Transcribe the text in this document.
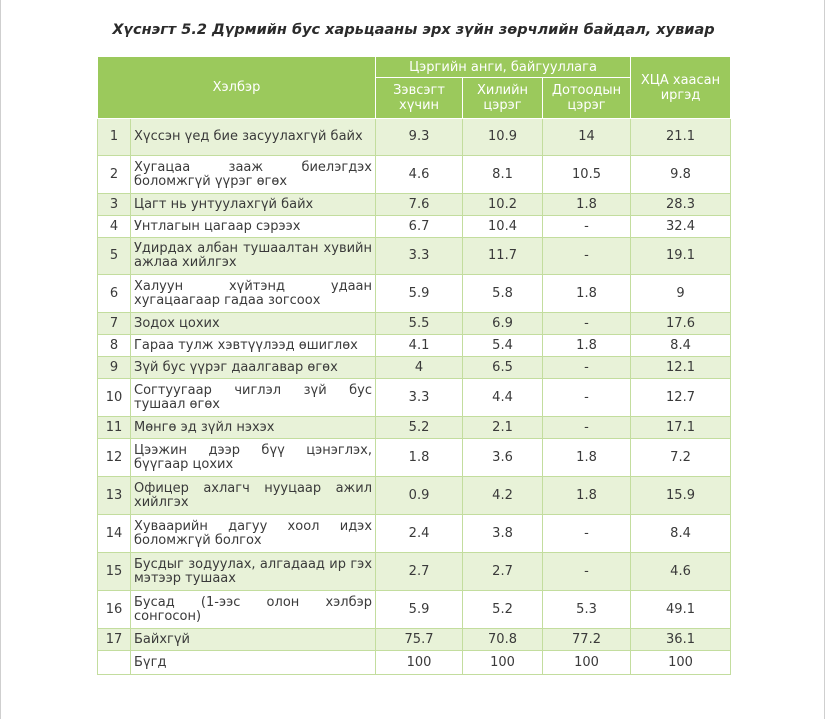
Хүснэгт 5.2 Дүрмийн бус харьцааны эрх зүйн зөрчлийн байдал, хувиар
Хэлбэр		Цэргийн анги, байгууллага			ХЦА хаасан иргэд
		Зэвсэгт хүчин	Хилийн цэрэг	Дотоодын цэрэг	
1	Хүссэн үед бие засуулахгүй байх	9.3	10.9	14	21.1
2	Хугацаа зааж биелэгдэх боломжгүй үүрэг өгөх	4.6	8.1	10.5	9.8
3	Цагт нь унтуулахгүй байх	7.6	10.2	1.8	28.3
4	Унтлагын цагаар сэрээх	6.7	10.4	-	32.4
5	Удирдах албан тушаалтан хувийн ажлаа хийлгэх	3.3	11.7	-	19.1
6	Халуун хүйтэнд удаан хугацаагаар гадаа зогсоох	5.9	5.8	1.8	9
7	Зодох цохих	5.5	6.9	-	17.6
8	Гараа тулж хэвтүүлээд өшиглөх	4.1	5.4	1.8	8.4
9	Зүй бус үүрэг даалгавар өгөх	4	6.5	-	12.1
10	Согтуугаар чиглэл зүй бус тушаал өгөх	3.3	4.4	-	12.7
11	Мөнгө эд зүйл нэхэх	5.2	2.1	-	17.1
12	Цээжин дээр бүү цэнэглэх, бүүгаар цохих	1.8	3.6	1.8	7.2
13	Офицер ахлагч нууцаар ажил хийлгэх	0.9	4.2	1.8	15.9
14	Хуваарийн дагуу хоол идэх боломжгүй болгох	2.4	3.8	-	8.4
15	Бусдыг зодуулах, алгадаад ир гэх мэтээр тушаах	2.7	2.7	-	4.6
16	Бусад (1-ээс олон хэлбэр сонгосон)	5.9	5.2	5.3	49.1
17	Байхгүй	75.7	70.8	77.2	36.1
	Бүгд	100	100	100	100
